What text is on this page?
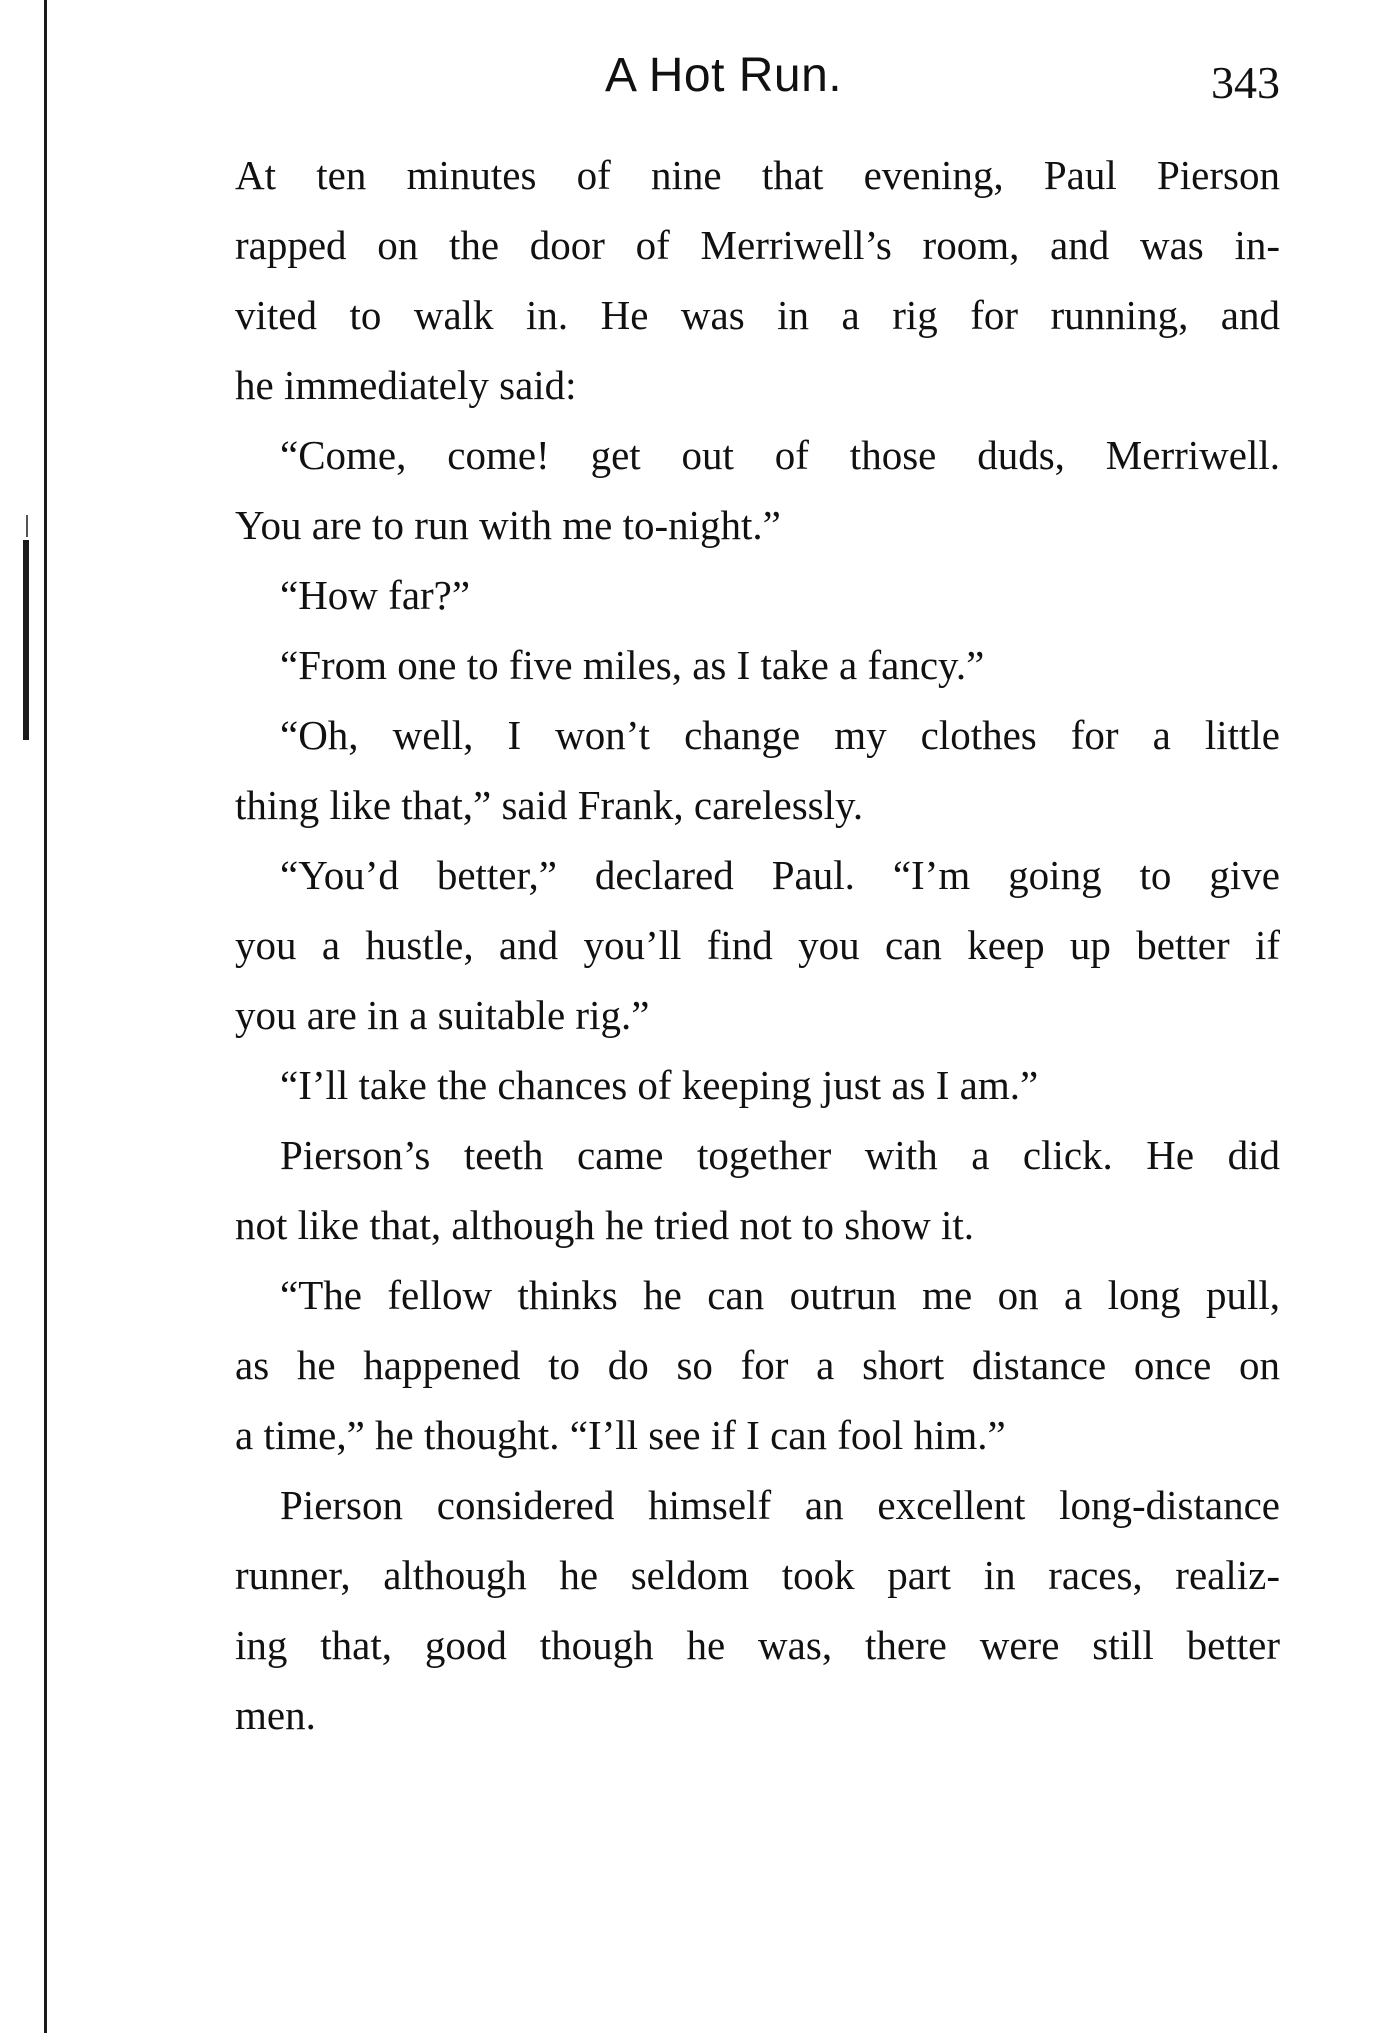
A Hot Run.	343
At ten minutes of nine that evening, Paul Pierson
rapped on the door of Merriwell’s room, and was in-
vited to walk in. He was in a rig for running, and
he immediately said:
“Come, come! get out of those duds, Merriwell.
You are to run with me to-night.”
“How far?”
“From one to five miles, as I take a fancy.”
“Oh, well, I won’t change my clothes for a little
thing like that,” said Frank, carelessly.
“You’d better,” declared Paul. “I’m going to give
you a hustle, and you’ll find you can keep up better if
you are in a suitable rig.”
“I’ll take the chances of keeping just as I am.”
Pierson’s teeth came together with a click. He did
not like that, although he tried not to show it.
“The fellow thinks he can outrun me on a long pull,
as he happened to do so for a short distance once on
a time,” he thought. “I’ll see if I can fool him.”
Pierson considered himself an excellent long-distance
runner, although he seldom took part in races, realiz-
ing that, good though he was, there were still better
men.
